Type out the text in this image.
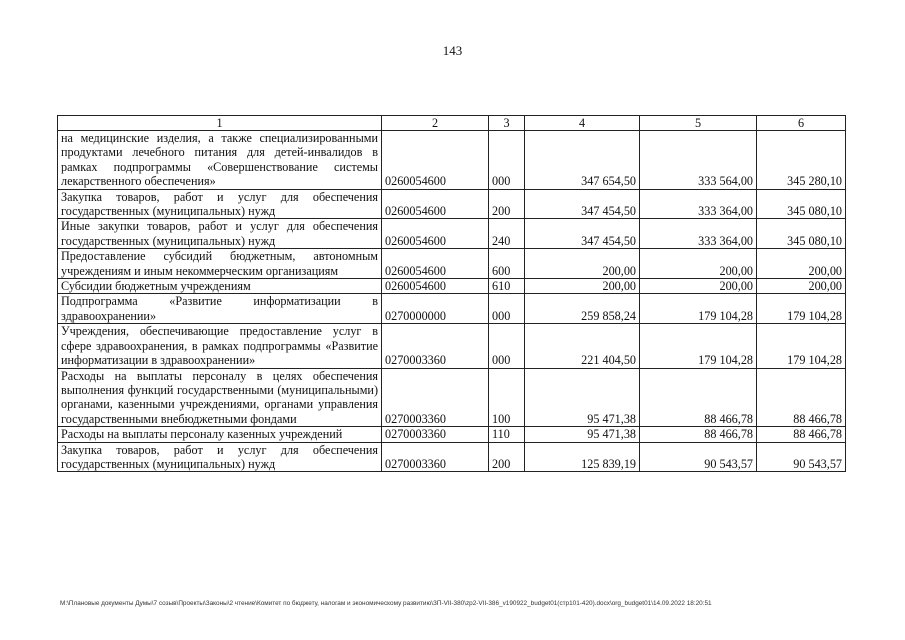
143
1	2	3	4	5	6
на медицинские изделия, а также специализированными продуктами лечебного питания для детей-инвалидов в рамках подпрограммы «Совершенствование системы лекарственного обеспечения»	0260054600	000	347 654,50	333 564,00	345 280,10
Закупка товаров, работ и услуг для обеспечения государственных (муниципальных) нужд	0260054600	200	347 454,50	333 364,00	345 080,10
Иные закупки товаров, работ и услуг для обеспечения государственных (муниципальных) нужд	0260054600	240	347 454,50	333 364,00	345 080,10
Предоставление субсидий бюджетным, автономным учреждениям и иным некоммерческим организациям	0260054600	600	200,00	200,00	200,00
Субсидии бюджетным учреждениям	0260054600	610	200,00	200,00	200,00
Подпрограмма «Развитие информатизации в здравоохранении»	0270000000	000	259 858,24	179 104,28	179 104,28
Учреждения, обеспечивающие предоставление услуг в сфере здравоохранения, в рамках подпрограммы «Развитие информатизации в здравоохранении»	0270003360	000	221 404,50	179 104,28	179 104,28
Расходы на выплаты персоналу в целях обеспечения выполнения функций государственными (муниципальными) органами, казенными учреждениями, органами управления государственными внебюджетными фондами	0270003360	100	95 471,38	88 466,78	88 466,78
Расходы на выплаты персоналу казенных учреждений	0270003360	110	95 471,38	88 466,78	88 466,78
Закупка товаров, работ и услуг для обеспечения государственных (муниципальных) нужд	0270003360	200	125 839,19	90 543,57	90 543,57
M:\Плановые документы Думы\7 созыв\Проекты\Законы\2 чтение\Комитет по бюджету, налогам и экономическому развитию\ЗП-VII-380\zp2-VII-386_v190922_budget01(стр101-420).docx\org_budget01\14.09.2022 18:20:51
